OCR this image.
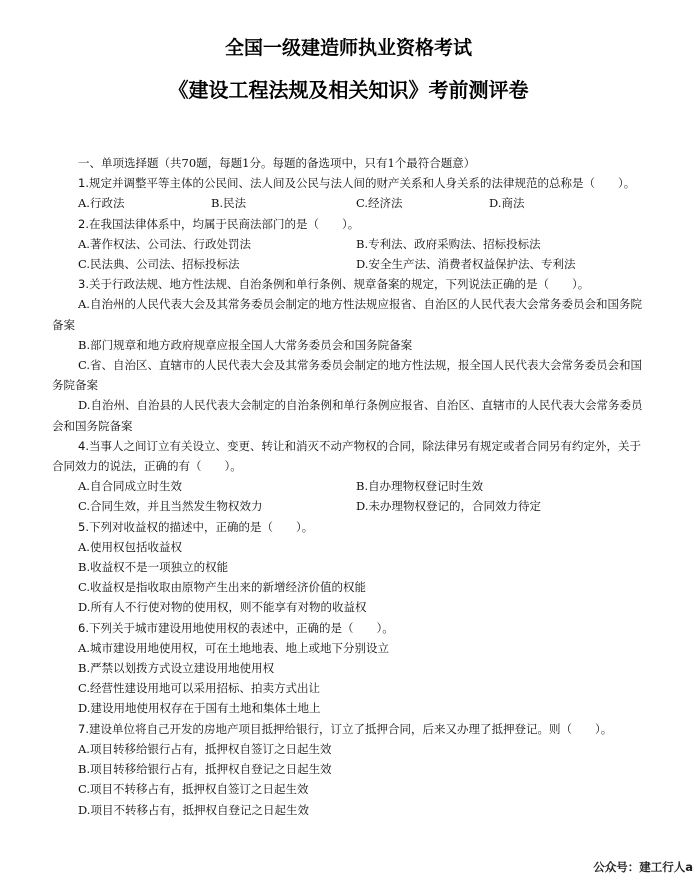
全国一级建造师执业资格考试
《建设工程法规及相关知识》考前测评卷
一、单项选择题（共70题，每题1分。每题的备选项中，只有1个最符合题意）
1.规定并调整平等主体的公民间、法人间及公民与法人间的财产关系和人身关系的法律规范的总称是（　　）。
A.行政法	B.民法	C.经济法	D.商法
2.在我国法律体系中，均属于民商法部门的是（　　）。
A.著作权法、公司法、行政处罚法	B.专利法、政府采购法、招标投标法
C.民法典、公司法、招标投标法	D.安全生产法、消费者权益保护法、专利法
3.关于行政法规、地方性法规、自治条例和单行条例、规章备案的规定，下列说法正确的是（　　）。
A.自治州的人民代表大会及其常务委员会制定的地方性法规应报省、自治区的人民代表大会常务委员会和国务院备案
B.部门规章和地方政府规章应报全国人大常务委员会和国务院备案
C.省、自治区、直辖市的人民代表大会及其常务委员会制定的地方性法规，报全国人民代表大会常务委员会和国务院备案
D.自治州、自治县的人民代表大会制定的自治条例和单行条例应报省、自治区、直辖市的人民代表大会常务委员会和国务院备案
4.当事人之间订立有关设立、变更、转让和消灭不动产物权的合同，除法律另有规定或者合同另有约定外，关于合同效力的说法，正确的有（　　）。
A.自合同成立时生效	B.自办理物权登记时生效
C.合同生效，并且当然发生物权效力	D.未办理物权登记的，合同效力待定
5.下列对收益权的描述中，正确的是（　　）。
A.使用权包括收益权
B.收益权不是一项独立的权能
C.收益权是指收取由原物产生出来的新增经济价值的权能
D.所有人不行使对物的使用权，则不能享有对物的收益权
6.下列关于城市建设用地使用权的表述中，正确的是（　　）。
A.城市建设用地使用权，可在土地地表、地上或地下分别设立
B.严禁以划拨方式设立建设用地使用权
C.经营性建设用地可以采用招标、拍卖方式出让
D.建设用地使用权存在于国有土地和集体土地上
7.建设单位将自己开发的房地产项目抵押给银行，订立了抵押合同，后来又办理了抵押登记。则（　　）。
A.项目转移给银行占有，抵押权自签订之日起生效
B.项目转移给银行占有，抵押权自登记之日起生效
C.项目不转移占有，抵押权自签订之日起生效
D.项目不转移占有，抵押权自登记之日起生效
公众号：建工行人a
